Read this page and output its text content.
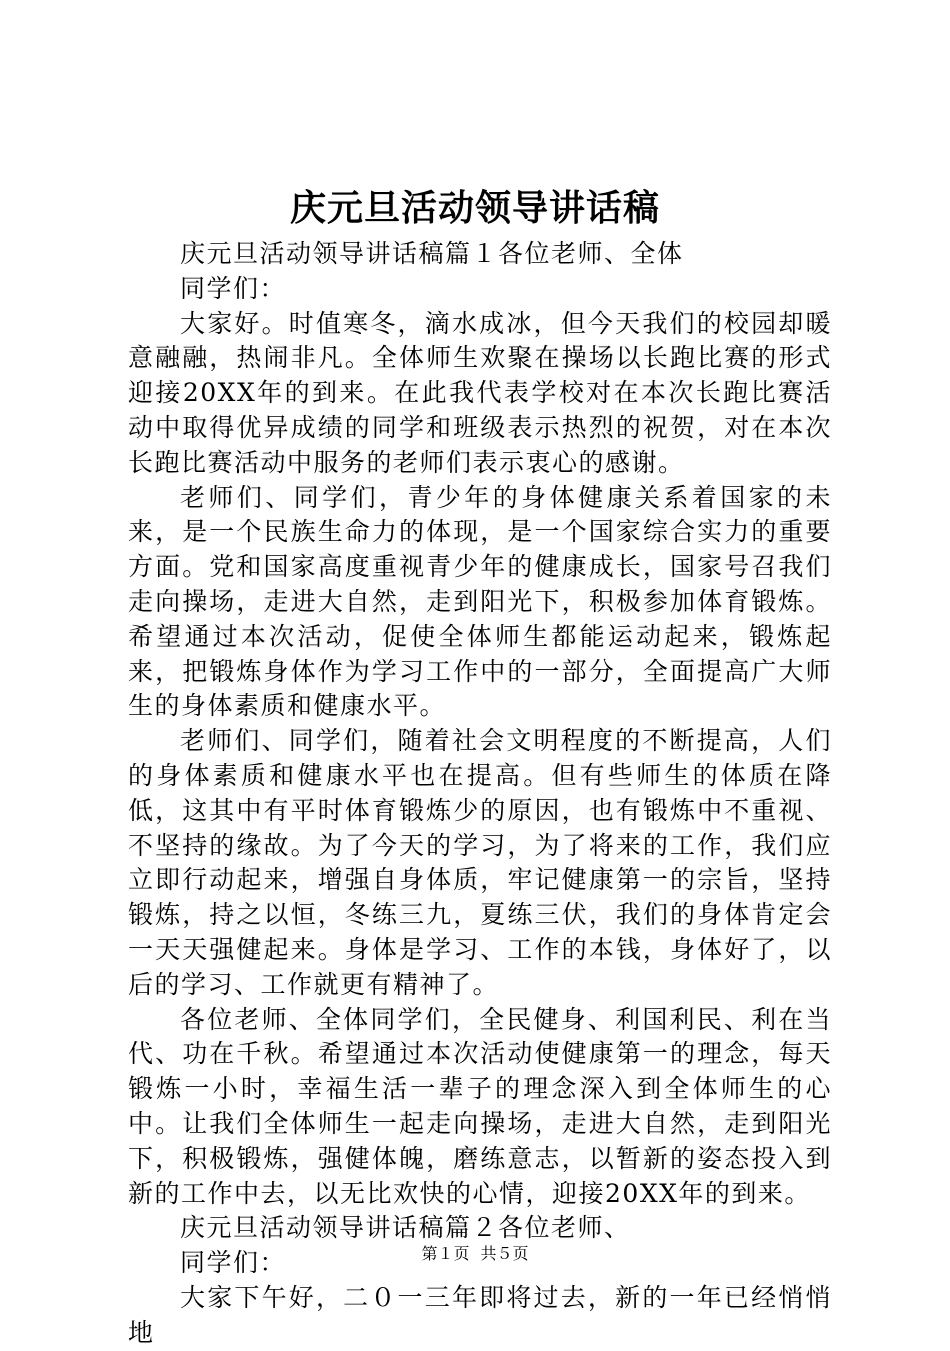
庆元旦活动领导讲话稿
庆元旦活动领导讲话稿篇１各位老师、全体
同学们：

大家好。时值寒冬，滴水成冰，但今天我们的校园却暖意融融，热闹非凡。全体师生欢聚在操场以长跑比赛的形式迎接20XX年的到来。在此我代表学校对在本次长跑比赛活动中取得优异成绩的同学和班级表示热烈的祝贺，对在本次长跑比赛活动中服务的老师们表示衷心的感谢。

老师们、同学们，青少年的身体健康关系着国家的未来，是一个民族生命力的体现，是一个国家综合实力的重要方面。党和国家高度重视青少年的健康成长，国家号召我们走向操场，走进大自然，走到阳光下，积极参加体育锻炼。希望通过本次活动，促使全体师生都能运动起来，锻炼起来，把锻炼身体作为学习工作中的一部分，全面提高广大师生的身体素质和健康水平。

老师们、同学们，随着社会文明程度的不断提高，人们的身体素质和健康水平也在提高。但有些师生的体质在降低，这其中有平时体育锻炼少的原因，也有锻炼中不重视、不坚持的缘故。为了今天的学习，为了将来的工作，我们应立即行动起来，增强自身体质，牢记健康第一的宗旨，坚持锻炼，持之以恒，冬练三九，夏练三伏，我们的身体肯定会一天天强健起来。身体是学习、工作的本钱，身体好了，以后的学习、工作就更有精神了。

各位老师、全体同学们，全民健身、利国利民、利在当代、功在千秋。希望通过本次活动使健康第一的理念，每天锻炼一小时，幸福生活一辈子的理念深入到全体师生的心中。让我们全体师生一起走向操场，走进大自然，走到阳光下，积极锻炼，强健体魄，磨练意志，以暂新的姿态投入到新的工作中去，以无比欢快的心情，迎接20XX年的到来。

庆元旦活动领导讲话稿篇２各位老师、
同学们：

大家下午好，二０一三年即将过去，新的一年已经悄悄地

第１页 共５页
